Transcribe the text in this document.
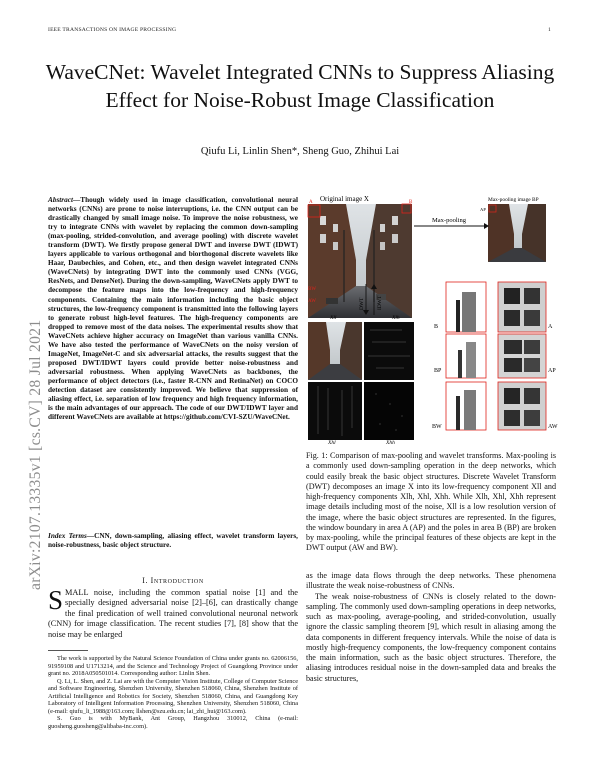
IEEE TRANSACTIONS ON IMAGE PROCESSING	1
WaveCNet: Wavelet Integrated CNNs to Suppress Aliasing Effect for Noise-Robust Image Classification
Qiufu Li, Linlin Shen*, Sheng Guo, Zhihui Lai
arXiv:2107.13335v1 [cs.CV] 28 Jul 2021
Abstract—Though widely used in image classification, convolutional neural networks (CNNs) are prone to noise interruptions, i.e. the CNN output can be drastically changed by small image noise. To improve the noise robustness, we try to integrate CNNs with wavelet by replacing the common down-sampling (max-pooling, strided-convolution, and average pooling) with discrete wavelet transform (DWT). We firstly propose general DWT and inverse DWT (IDWT) layers applicable to various orthogonal and biorthogonal discrete wavelets like Haar, Daubechies, and Cohen, etc., and then design wavelet integrated CNNs (WaveCNets) by integrating DWT into the commonly used CNNs (VGG, ResNets, and DenseNet). During the down-sampling, WaveCNets apply DWT to decompose the feature maps into the low-frequency and high-frequency components. Containing the main information including the basic object structures, the low-frequency component is transmitted into the following layers to generate robust high-level features. The high-frequency components are dropped to remove most of the data noises. The experimental results show that WaveCNets achieve higher accuracy on ImageNet than various vanilla CNNs. We have also tested the performance of WaveCNets on the noisy version of ImageNet, ImageNet-C and six adversarial attacks, the results suggest that the proposed DWT/IDWT layers could provide better noise-robustness and adversarial robustness. When applying WaveCNets as backbones, the performance of object detectors (i.e., faster R-CNN and RetinaNet) on COCO detection dataset are consistently improved. We believe that suppression of aliasing effect, i.e. separation of low frequency and high frequency information, is the main advantages of our approach. The code of our DWT/IDWT layer and different WaveCNets are available at https://github.com/CVI-SZU/WaveCNet.
Index Terms—CNN, down-sampling, aliasing effect, wavelet transform layers, noise-robustness, basic object structure.
I. Introduction
SMALL noise, including the common spatial noise [1] and the specially designed adversarial noise [2]–[6], can drastically change the final predication of well trained convolutional neuronal network (CNN) for image classification. The recent studies [7], [8] show that the noise may be enlarged
The work is supported by the Natural Science Foundation of China under grants no. 62006156, 91959108 and U1713214, and the Science and Technology Project of Guangdong Province under grant no. 2018A050501014. Corresponding author: Linlin Shen.
Q. Li, L. Shen, and Z. Lai are with the Computer Vision Institute, College of Computer Science and Software Engineering, Shenzhen University, Shenzhen 518060, China, Shenzhen Institute of Artificial Intelligence and Robotics for Society, Shenzhen 518060, China, and Guangdong Key Laboratory of Intelligent Information Processing, Shenzhen University, Shenzhen 518060, China (e-mail: qiufu_li_1988@163.com; llshen@szu.edu.cn; lai_zhi_hui@163.com).
S. Guo is with MyBank, Ant Group, Hangzhou 310012, China (e-mail: guosheng.guosheng@alibaba-inc.com).
Original image X	Max-pooling image BP
A	B
AP
Max-pooling
DWT IDWT
BW
AW
Xll	Xlh
Xhl	Xhh
B	A
BP	AP
BW	AW
Fig. 1: Comparison of max-pooling and wavelet transforms. Max-pooling is a commonly used down-sampling operation in the deep networks, which could easily break the basic object structures. Discrete Wavelet Transform (DWT) decomposes an image X into its low-frequency component Xll and high-frequency components Xlh, Xhl, Xhh. While Xlh, Xhl, Xhh represent image details including most of the noise, Xll is a low resolution version of the image, where the basic object structures are represented. In the figures, the window boundary in area A (AP) and the poles in area B (BP) are broken by max-pooling, while the principal features of these objects are kept in the DWT output (AW and BW).
as the image data flows through the deep networks. These phenomena illustrate the weak noise-robustness of CNNs.
The weak noise-robustness of CNNs is closely related to the down-sampling. The commonly used down-sampling operations in deep networks, such as max-pooling, average-pooling, and strided-convolution, usually ignore the classic sampling theorem [9], which result in aliasing among the data components in different frequency intervals. While the noise of data is mostly high-frequency components, the low-frequency component contains the main information, such as the basic object structures. Therefore, the aliasing introduces residual noise in the down-sampled data and breaks the basic structures,
